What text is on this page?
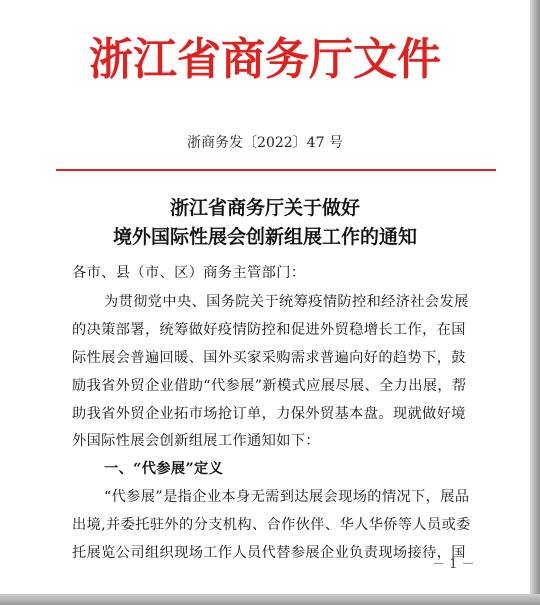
浙江省商务厅文件
浙商务发〔2022〕47 号
浙江省商务厅关于做好
境外国际性展会创新组展工作的通知
各市、县（市、区）商务主管部门：
为贯彻党中央、国务院关于统筹疫情防控和经济社会发展
的决策部署，统筹做好疫情防控和促进外贸稳增长工作，在国
际性展会普遍回暖、国外买家采购需求普遍向好的趋势下，鼓
励我省外贸企业借助“代参展”新模式应展尽展、全力出展，帮
助我省外贸企业拓市场抢订单，力保外贸基本盘。现就做好境
外国际性展会创新组展工作通知如下：
一、“代参展”定义
“代参展”是指企业本身无需到达展会现场的情况下，展品
出境,并委托驻外的分支机构、合作伙伴、华人华侨等人员或委
托展览公司组织现场工作人员代替参展企业负责现场接待，国
－ 1 －
